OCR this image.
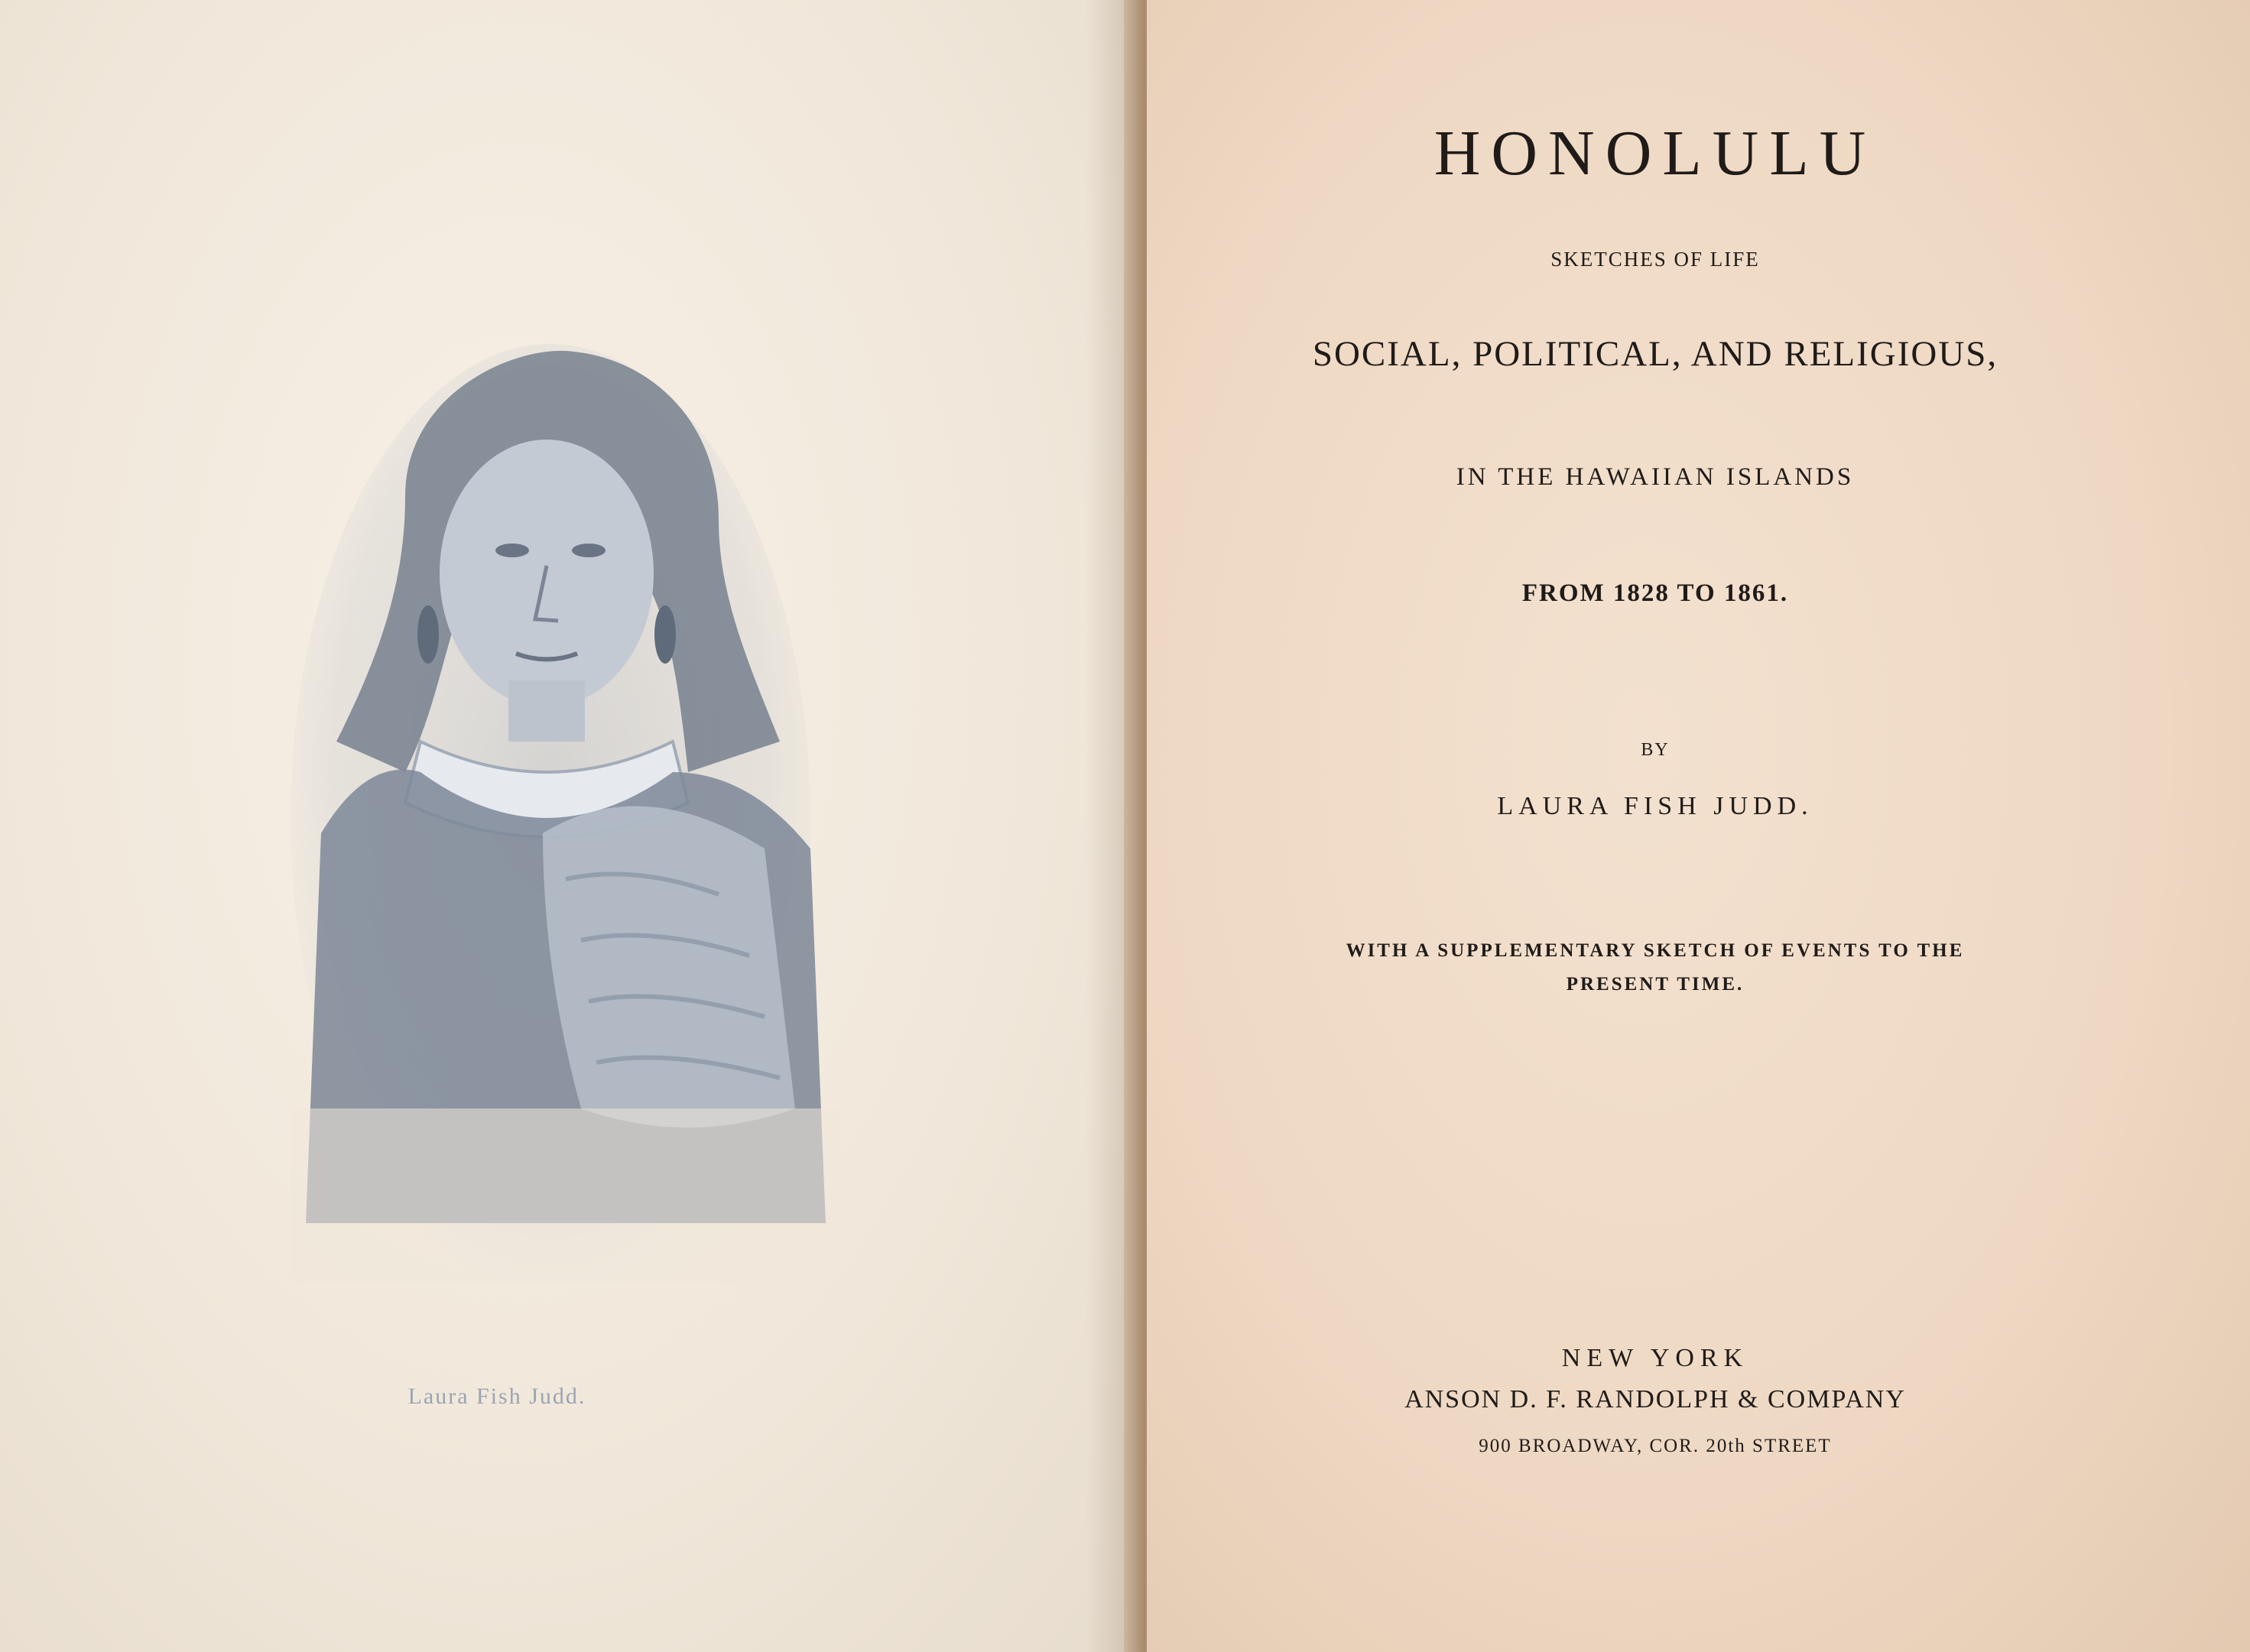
Laura Fish Judd.
HONOLULU
SKETCHES OF LIFE
SOCIAL, POLITICAL, AND RELIGIOUS,
IN THE HAWAIIAN ISLANDS
FROM 1828 TO 1861.
BY
LAURA FISH JUDD.
WITH A SUPPLEMENTARY SKETCH OF EVENTS TO THE
PRESENT TIME.
NEW YORK
ANSON D. F. RANDOLPH & COMPANY
900 BROADWAY, COR. 20th STREET
